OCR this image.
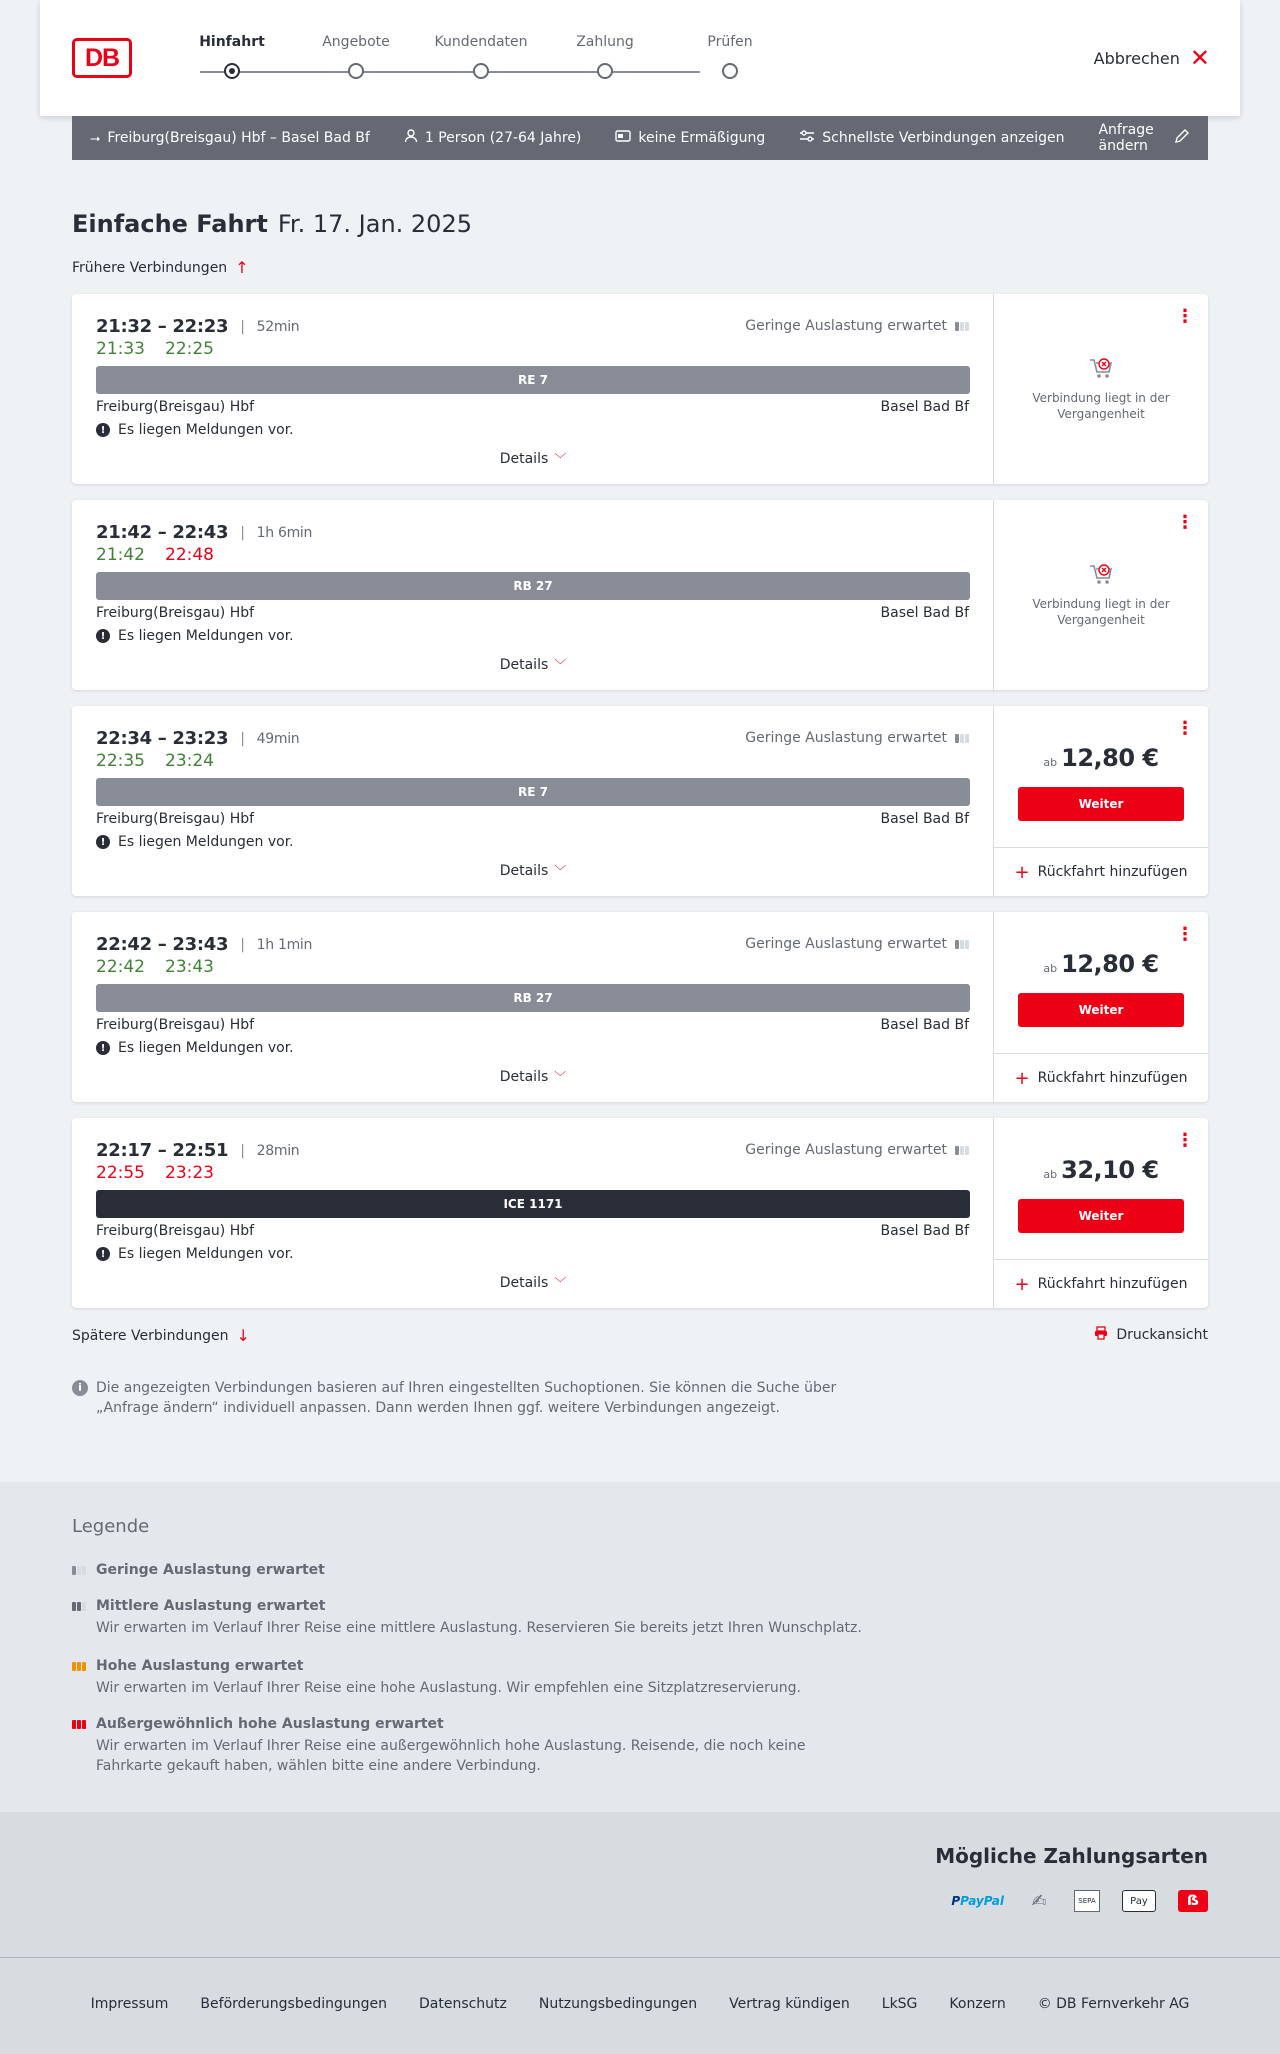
DB
Hinfahrt	Angebote	Kundendaten	Zahlung	Prüfen
Abbrechen ✕
⭢ Freiburg(Breisgau) Hbf – Basel Bad Bf	1 Person (27-64 Jahre)	keine Ermäßigung	Schnellste Verbindungen anzeigen Anfrage ändern
Einfache Fahrt Fr. 17. Jan. 2025
Frühere Verbindungen ↑
21:32 – 22:23 | 52min
21:33 22:25
Geringe Auslastung erwartet
RE 7
Freiburg(Breisgau) Hbf	Basel Bad Bf
! Es liegen Meldungen vor.
Details ﹀
⋮
Verbindung liegt in der Vergangenheit
21:42 – 22:43 | 1h 6min
21:42 22:48
RB 27
Freiburg(Breisgau) Hbf	Basel Bad Bf
! Es liegen Meldungen vor.
Details ﹀
⋮
Verbindung liegt in der Vergangenheit
22:34 – 23:23 | 49min
22:35 23:24
Geringe Auslastung erwartet
RE 7
Freiburg(Breisgau) Hbf	Basel Bad Bf
! Es liegen Meldungen vor.
Details ﹀
⋮
ab 12,80 €
Weiter
+ Rückfahrt hinzufügen
22:42 – 23:43 | 1h 1min
22:42 23:43
Geringe Auslastung erwartet
RB 27
Freiburg(Breisgau) Hbf	Basel Bad Bf
! Es liegen Meldungen vor.
Details ﹀
⋮
ab 12,80 €
Weiter
+ Rückfahrt hinzufügen
22:17 – 22:51 | 28min
22:55 23:23
Geringe Auslastung erwartet
ICE 1171
Freiburg(Breisgau) Hbf	Basel Bad Bf
! Es liegen Meldungen vor.
Details ﹀
⋮
ab 32,10 €
Weiter
+ Rückfahrt hinzufügen
Spätere Verbindungen ↓	Druckansicht
i	Die angezeigten Verbindungen basieren auf Ihren eingestellten Suchoptionen. Sie können die Suche über „Anfrage ändern“ individuell anpassen. Dann werden Ihnen ggf. weitere Verbindungen angezeigt.
Legende
Geringe Auslastung erwartet
Mittlere Auslastung erwartet
Wir erwarten im Verlauf Ihrer Reise eine mittlere Auslastung. Reservieren Sie bereits jetzt Ihren Wunschplatz.
Hohe Auslastung erwartet
Wir erwarten im Verlauf Ihrer Reise eine hohe Auslastung. Wir empfehlen eine Sitzplatzreservierung.
Außergewöhnlich hohe Auslastung erwartet
Wir erwarten im Verlauf Ihrer Reise eine außergewöhnlich hohe Auslastung. Reisende, die noch keine Fahrkarte gekauft haben, wählen bitte eine andere Verbindung.
Mögliche Zahlungsarten
P PayPal	✍	SEPA	Pay	ẞ
Impressum Beförderungsbedingungen Datenschutz Nutzungsbedingungen Vertrag kündigen LkSG Konzern © DB Fernverkehr AG
